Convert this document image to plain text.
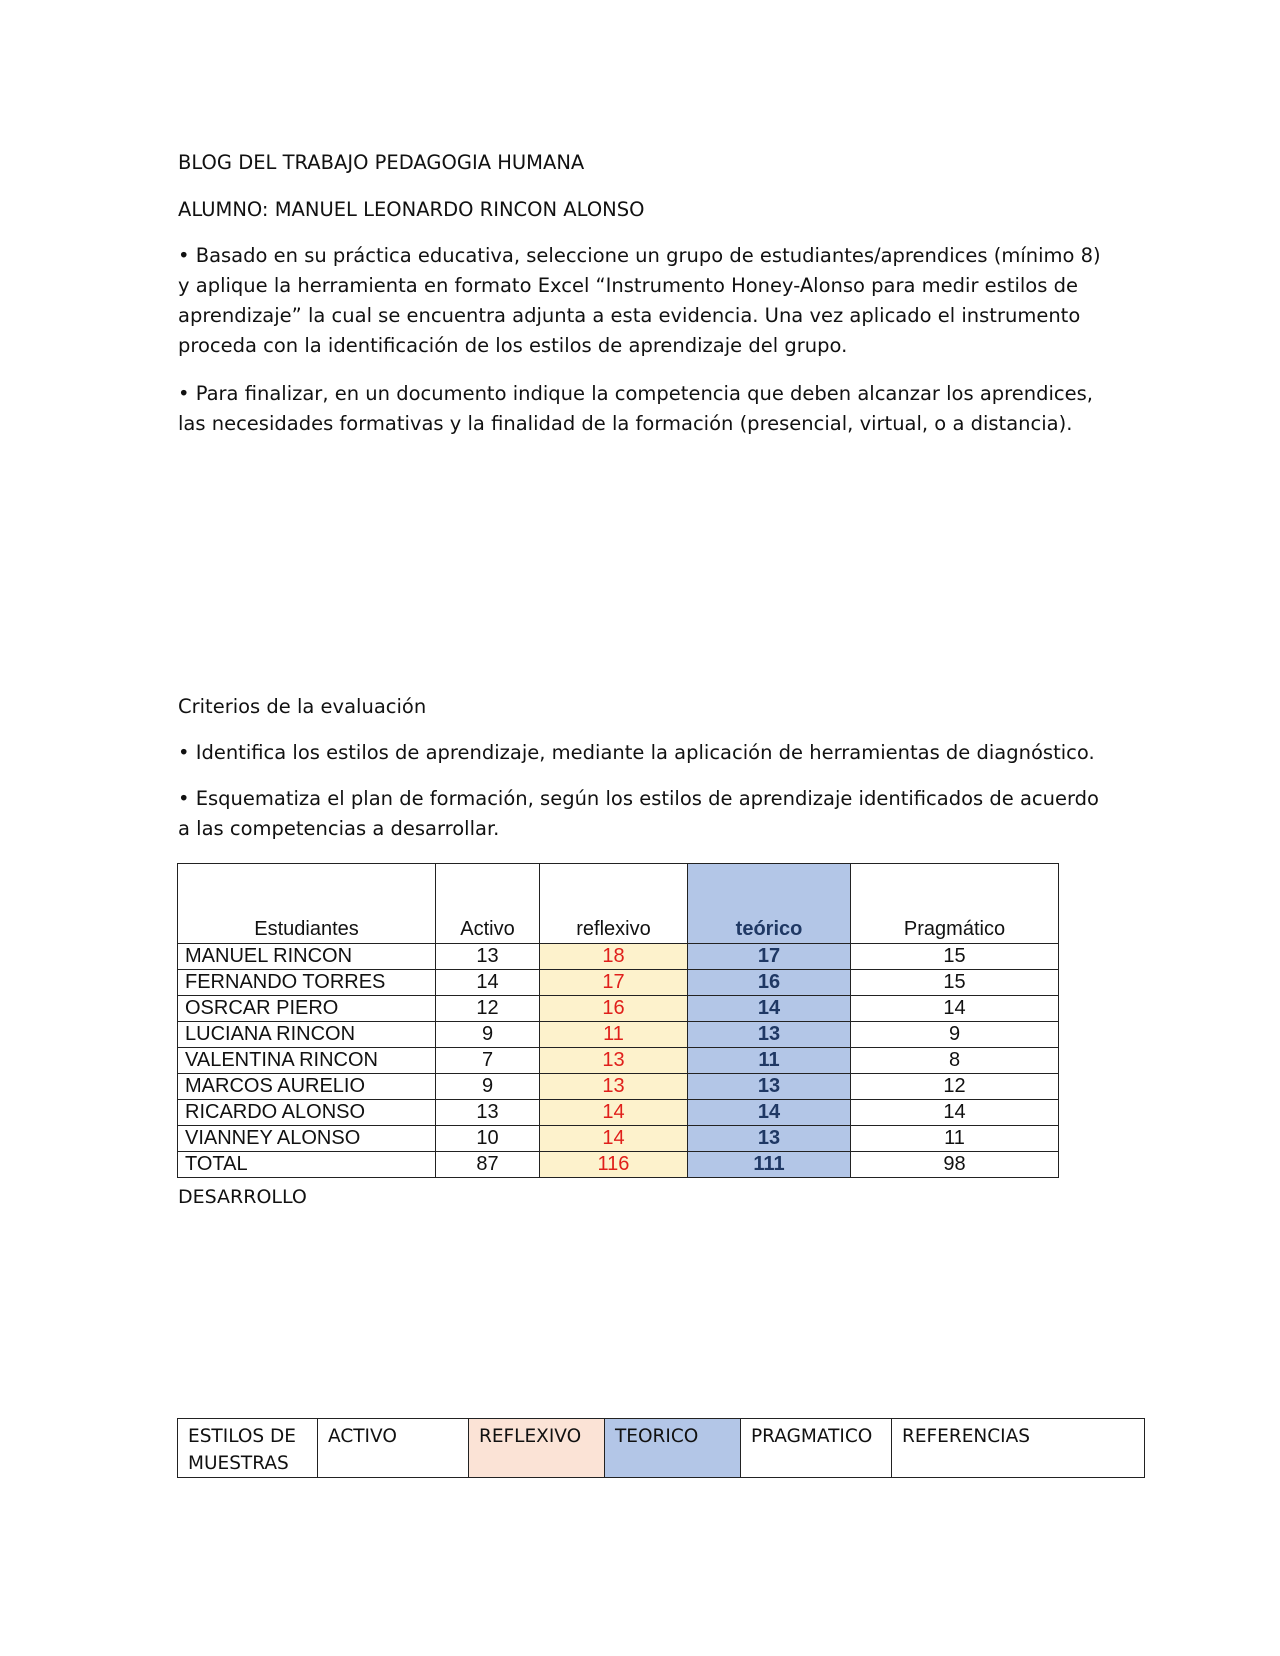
BLOG DEL TRABAJO PEDAGOGIA HUMANA

ALUMNO: MANUEL LEONARDO RINCON ALONSO

• Basado en su práctica educativa, seleccione un grupo de estudiantes/aprendices (mínimo 8) y aplique la herramienta en formato Excel “Instrumento Honey-Alonso para medir estilos de aprendizaje” la cual se encuentra adjunta a esta evidencia. Una vez aplicado el instrumento proceda con la identificación de los estilos de aprendizaje del grupo.

• Para finalizar, en un documento indique la competencia que deben alcanzar los aprendices, las necesidades formativas y la finalidad de la formación (presencial, virtual, o a distancia).

Criterios de la evaluación

• Identifica los estilos de aprendizaje, mediante la aplicación de herramientas de diagnóstico.

• Esquematiza el plan de formación, según los estilos de aprendizaje identificados de acuerdo a las competencias a desarrollar.

Estudiantes	Activo	reflexivo	teórico	Pragmático
MANUEL RINCON	13	18	17	15
FERNANDO TORRES	14	17	16	15
OSRCAR PIERO	12	16	14	14
LUCIANA RINCON	9	11	13	9
VALENTINA RINCON	7	13	11	8
MARCOS AURELIO	9	13	13	12
RICARDO ALONSO	13	14	14	14
VIANNEY ALONSO	10	14	13	11
TOTAL	87	116	111	98

DESARROLLO

ESTILOS DE MUESTRAS	ACTIVO	REFLEXIVO	TEORICO	PRAGMATICO	REFERENCIAS
